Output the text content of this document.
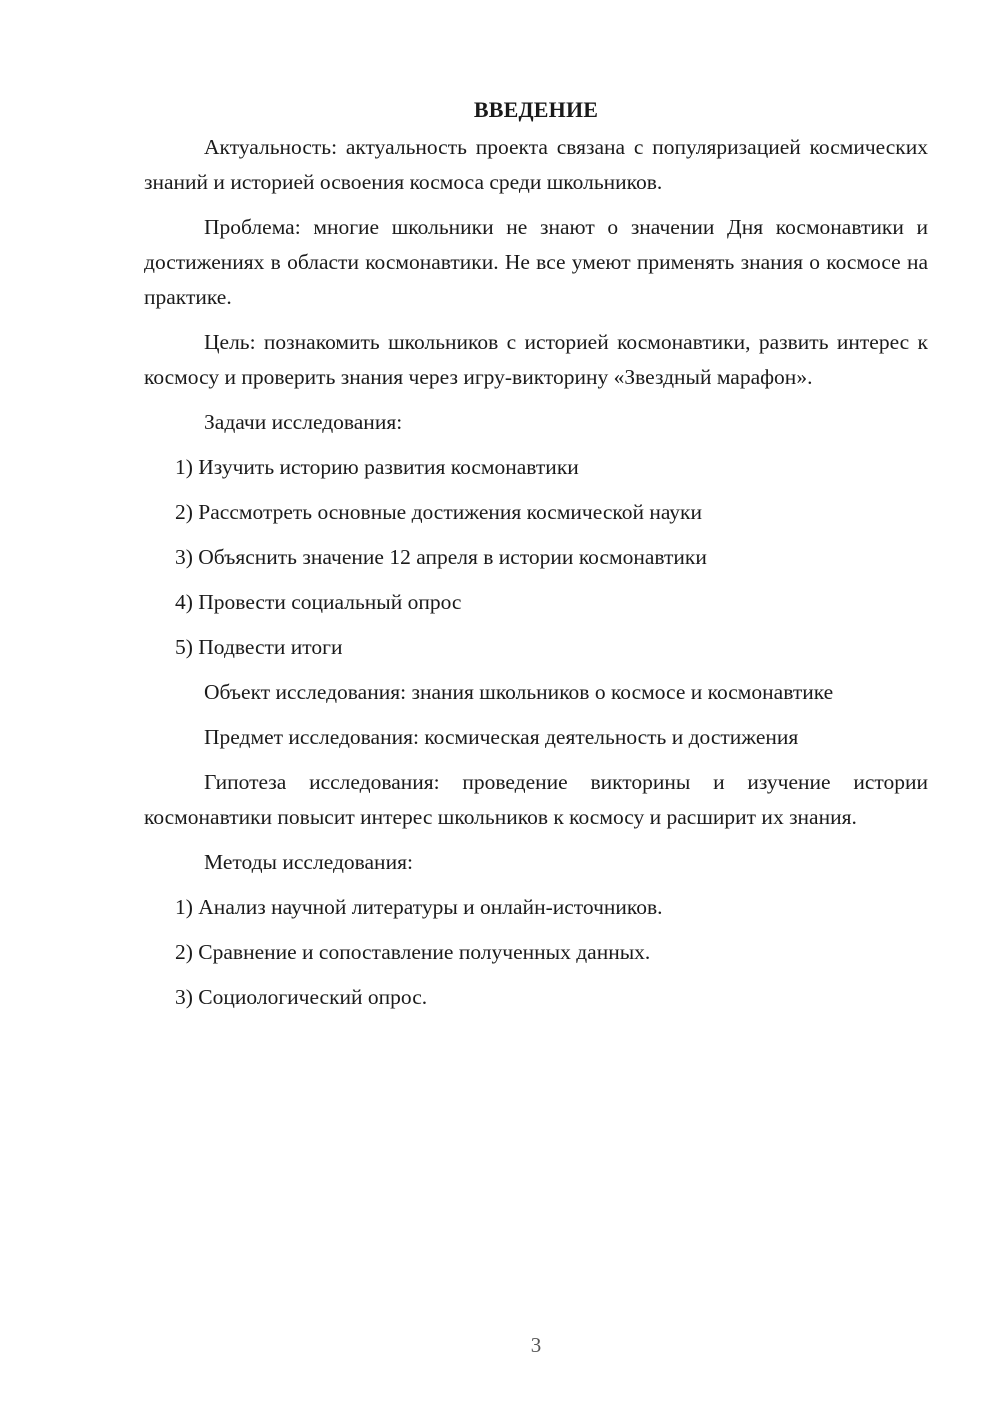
ВВЕДЕНИЕ

Актуальность: актуальность проекта связана с популяризацией космических знаний и историей освоения космоса среди школьников.

Проблема: многие школьники не знают о значении Дня космонавтики и достижениях в области космонавтики. Не все умеют применять знания о космосе на практике.

Цель: познакомить школьников с историей космонавтики, развить интерес к космосу и проверить знания через игру-викторину «Звездный марафон».

Задачи исследования:

1) Изучить историю развития космонавтики
2) Рассмотреть основные достижения космической науки
3) Объяснить значение 12 апреля в истории космонавтики
4) Провести социальный опрос
5) Подвести итоги

Объект исследования: знания школьников о космосе и космонавтике

Предмет исследования: космическая деятельность и достижения

Гипотеза исследования: проведение викторины и изучение истории космонавтики повысит интерес школьников к космосу и расширит их знания.

Методы исследования:

1) Анализ научной литературы и онлайн-источников.
2) Сравнение и сопоставление полученных данных.
3) Социологический опрос.
3
